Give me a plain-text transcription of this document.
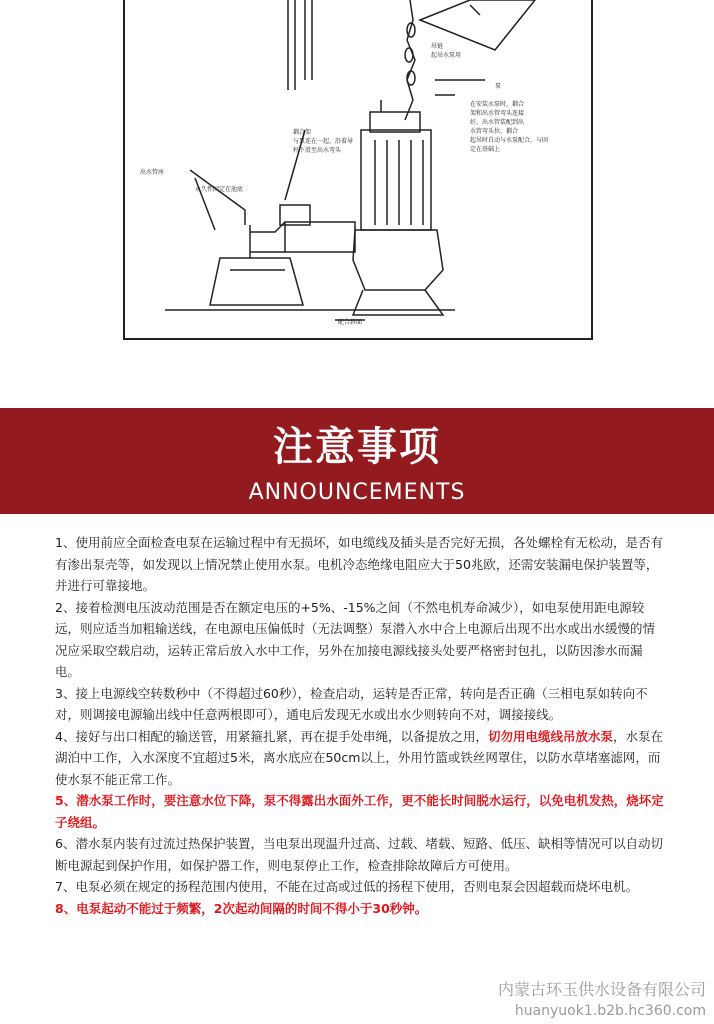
吊链
起吊水泵用
泵
在安装水泵时，耦合
架和出水管弯头连接
好，出水管装配到出
水管弯头位，耦合
起吊时自动与水泵配合，与固
定在基础上
耦合架
与泵连在一起，沿着导
杆下滑至出水弯头
出水管座
永久性固定在池底
配合斜面
注意事项
ANNOUNCEMENTS

1、使用前应全面检查电泵在运输过程中有无损坏，如电缆线及插头是否完好无损，各处螺栓有无松动，是否有有渗出泵壳等，如发现以上情况禁止使用水泵。电机冷态绝缘电阻应大于50兆欧，还需安装漏电保护装置等，并进行可靠接地。

2、接着检测电压波动范围是否在额定电压的+5%、-15%之间（不然电机寿命减少），如电泵使用距电源较远，则应适当加粗输送线，在电源电压偏低时（无法调整）泵潜入水中合上电源后出现不出水或出水缓慢的情况应采取空载启动，运转正常后放入水中工作，另外在加接电源线接头处要严格密封包扎，以防因渗水而漏电。

3、接上电源线空转数秒中（不得超过60秒），检查启动，运转是否正常，转向是否正确（三相电泵如转向不对，则调接电源输出线中任意两根即可），通电后发现无水或出水少则转向不对，调接接线。

4、接好与出口相配的输送管，用紧箍扎紧，再在提手处串绳，以备提放之用，切勿用电缆线吊放水泵，水泵在湖泊中工作，入水深度不宜超过5米，离水底应在50cm以上，外用竹篮或铁丝网罩住，以防水草堵塞滤网，而使水泵不能正常工作。

5、潜水泵工作时，要注意水位下降，泵不得露出水面外工作，更不能长时间脱水运行，以免电机发热，烧坏定子绕组。

6、潜水泵内装有过流过热保护装置，当电泵出现温升过高、过载、堵载、短路、低压、缺相等情况可以自动切断电源起到保护作用，如保护器工作，则电泵停止工作，检查排除故障后方可使用。

7、电泵必须在规定的扬程范围内使用，不能在过高或过低的扬程下使用，否则电泵会因超载而烧坏电机。

8、电泵起动不能过于频繁，2次起动间隔的时间不得小于30秒钟。

内蒙古环玉供水设备有限公司
huanyuok1.b2b.hc360.com
